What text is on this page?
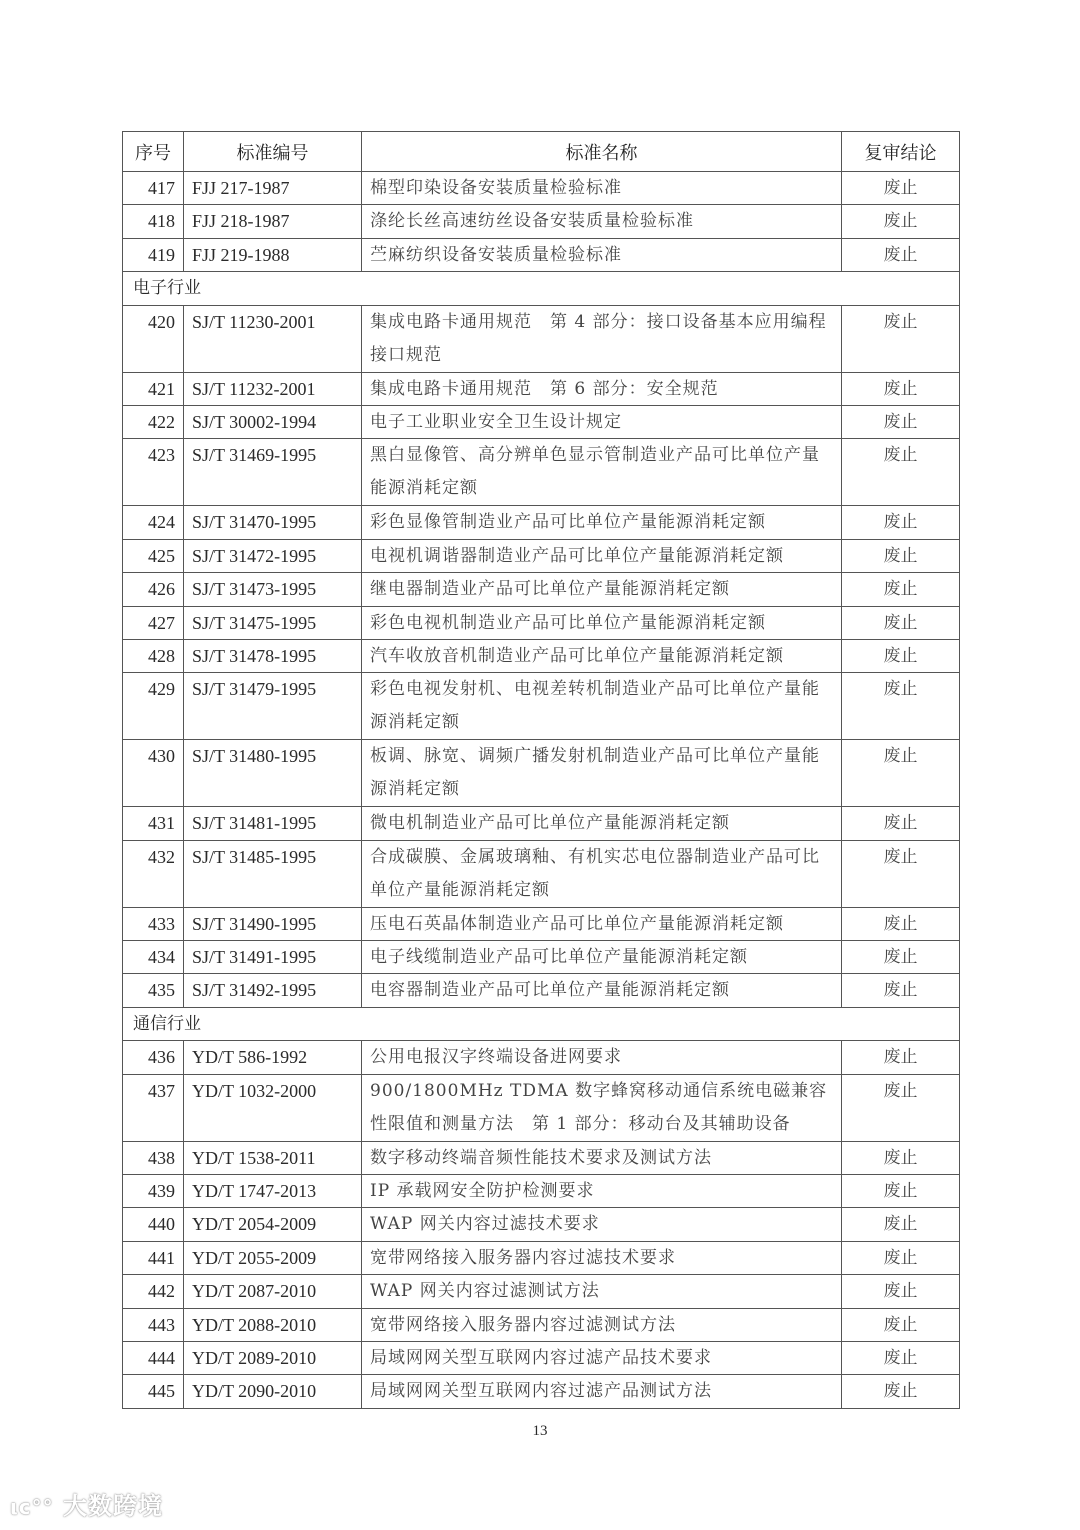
序号	标准编号	标准名称	复审结论
417	FJJ 217-1987	棉型印染设备安装质量检验标准	废止
418	FJJ 218-1987	涤纶长丝高速纺丝设备安装质量检验标准	废止
419	FJJ 219-1988	苎麻纺织设备安装质量检验标准	废止
电子行业			
420	SJ/T 11230-2001	集成电路卡通用规范　第 4 部分：接口设备基本应用编程接口规范	废止
421	SJ/T 11232-2001	集成电路卡通用规范　第 6 部分：安全规范	废止
422	SJ/T 30002-1994	电子工业职业安全卫生设计规定	废止
423	SJ/T 31469-1995	黑白显像管、高分辨单色显示管制造业产品可比单位产量能源消耗定额	废止
424	SJ/T 31470-1995	彩色显像管制造业产品可比单位产量能源消耗定额	废止
425	SJ/T 31472-1995	电视机调谐器制造业产品可比单位产量能源消耗定额	废止
426	SJ/T 31473-1995	继电器制造业产品可比单位产量能源消耗定额	废止
427	SJ/T 31475-1995	彩色电视机制造业产品可比单位产量能源消耗定额	废止
428	SJ/T 31478-1995	汽车收放音机制造业产品可比单位产量能源消耗定额	废止
429	SJ/T 31479-1995	彩色电视发射机、电视差转机制造业产品可比单位产量能源消耗定额	废止
430	SJ/T 31480-1995	板调、脉宽、调频广播发射机制造业产品可比单位产量能源消耗定额	废止
431	SJ/T 31481-1995	微电机制造业产品可比单位产量能源消耗定额	废止
432	SJ/T 31485-1995	合成碳膜、金属玻璃釉、有机实芯电位器制造业产品可比单位产量能源消耗定额	废止
433	SJ/T 31490-1995	压电石英晶体制造业产品可比单位产量能源消耗定额	废止
434	SJ/T 31491-1995	电子线缆制造业产品可比单位产量能源消耗定额	废止
435	SJ/T 31492-1995	电容器制造业产品可比单位产量能源消耗定额	废止
通信行业			
436	YD/T 586-1992	公用电报汉字终端设备进网要求	废止
437	YD/T 1032-2000	900/1800MHz TDMA 数字蜂窝移动通信系统电磁兼容性限值和测量方法　第 1 部分：移动台及其辅助设备	废止
438	YD/T 1538-2011	数字移动终端音频性能技术要求及测试方法	废止
439	YD/T 1747-2013	IP 承载网安全防护检测要求	废止
440	YD/T 2054-2009	WAP 网关内容过滤技术要求	废止
441	YD/T 2055-2009	宽带网络接入服务器内容过滤技术要求	废止
442	YD/T 2087-2010	WAP 网关内容过滤测试方法	废止
443	YD/T 2088-2010	宽带网络接入服务器内容过滤测试方法	废止
444	YD/T 2089-2010	局域网网关型互联网内容过滤产品技术要求	废止
445	YD/T 2090-2010	局域网网关型互联网内容过滤产品测试方法	废止
13
ιc°° 大数跨境
